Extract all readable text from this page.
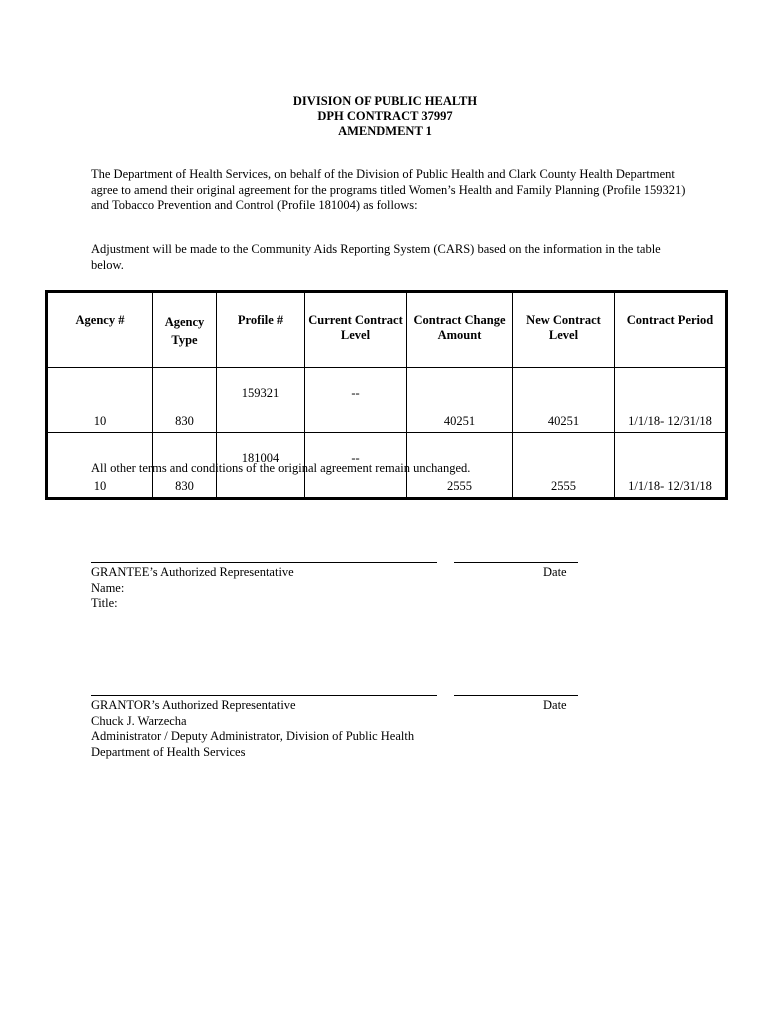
DIVISION OF PUBLIC HEALTH
DPH CONTRACT 37997
AMENDMENT 1
The Department of Health Services, on behalf of the Division of Public Health and Clark County Health Department agree to amend their original agreement for the programs titled Women’s Health and Family Planning (Profile 159321) and Tobacco Prevention and Control (Profile 181004) as follows:
Adjustment will be made to the Community Aids Reporting System (CARS) based on the information in the table below.
Agency #	Agency Type	Profile #	Current Contract Level	Contract Change Amount	New Contract Level	Contract Period
10	830	159321	--	40251	40251	1/1/18- 12/31/18
10	830	181004	--	2555	2555	1/1/18- 12/31/18
All other terms and conditions of the original agreement remain unchanged.
GRANTEE’s Authorized Representative
Name:
Title:
Date
GRANTOR’s Authorized Representative
Chuck J. Warzecha
Administrator / Deputy Administrator, Division of Public Health
Department of Health Services
Date
